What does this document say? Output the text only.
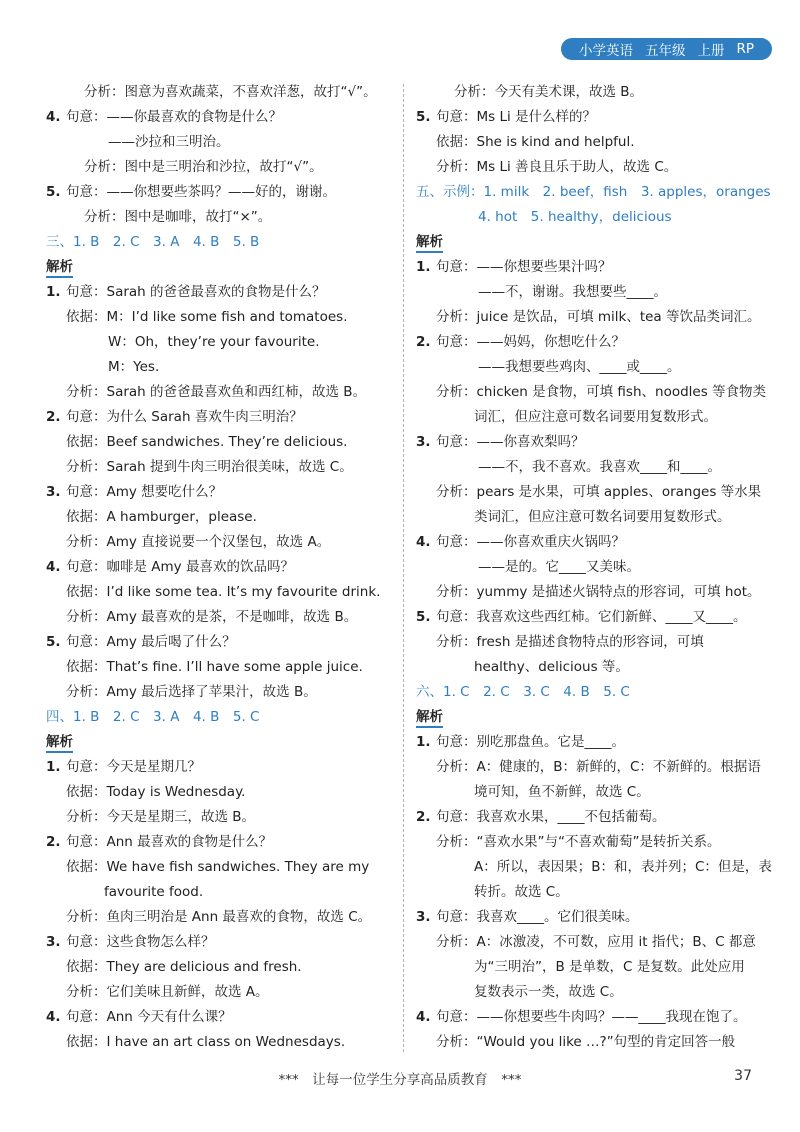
小学英语 五年级 上册 RP
分析：图意为喜欢蔬菜，不喜欢洋葱，故打“√”。
4. 句意：——你最喜欢的食物是什么？
——沙拉和三明治。
分析：图中是三明治和沙拉，故打“√”。
5. 句意：——你想要些茶吗？——好的，谢谢。
分析：图中是咖啡，故打“×”。
三、1. B　2. C　3. A　4. B　5. B
解析
1. 句意：Sarah 的爸爸最喜欢的食物是什么？
依据：M：I’d like some fish and tomatoes.
W：Oh，they’re your favourite.
M：Yes.
分析：Sarah 的爸爸最喜欢鱼和西红柿，故选 B。
2. 句意：为什么 Sarah 喜欢牛肉三明治？
依据：Beef sandwiches. They’re delicious.
分析：Sarah 提到牛肉三明治很美味，故选 C。
3. 句意：Amy 想要吃什么？
依据：A hamburger，please.
分析：Amy 直接说要一个汉堡包，故选 A。
4. 句意：咖啡是 Amy 最喜欢的饮品吗？
依据：I’d like some tea. It’s my favourite drink.
分析：Amy 最喜欢的是茶，不是咖啡，故选 B。
5. 句意：Amy 最后喝了什么？
依据：That’s fine. I’ll have some apple juice.
分析：Amy 最后选择了苹果汁，故选 B。
四、1. B　2. C　3. A　4. B　5. C
解析
1. 句意：今天是星期几？
依据：Today is Wednesday.
分析：今天是星期三，故选 B。
2. 句意：Ann 最喜欢的食物是什么？
依据：We have fish sandwiches. They are my
favourite food.
分析：鱼肉三明治是 Ann 最喜欢的食物，故选 C。
3. 句意：这些食物怎么样？
依据：They are delicious and fresh.
分析：它们美味且新鲜，故选 A。
4. 句意：Ann 今天有什么课？
依据：I have an art class on Wednesdays.
分析：今天有美术课，故选 B。
5. 句意：Ms Li 是什么样的？
依据：She is kind and helpful.
分析：Ms Li 善良且乐于助人，故选 C。
五、示例：1. milk　2. beef，fish　3. apples，oranges
4. hot　5. healthy，delicious
解析
1. 句意：——你想要些果汁吗？
——不，谢谢。我想要些____。
分析：juice 是饮品，可填 milk、tea 等饮品类词汇。
2. 句意：——妈妈，你想吃什么？
——我想要些鸡肉、____或____。
分析：chicken 是食物，可填 fish、noodles 等食物类
词汇，但应注意可数名词要用复数形式。
3. 句意：——你喜欢梨吗？
——不，我不喜欢。我喜欢____和____。
分析：pears 是水果，可填 apples、oranges 等水果
类词汇，但应注意可数名词要用复数形式。
4. 句意：——你喜欢重庆火锅吗？
——是的。它____又美味。
分析：yummy 是描述火锅特点的形容词，可填 hot。
5. 句意：我喜欢这些西红柿。它们新鲜、____又____。
分析：fresh 是描述食物特点的形容词，可填
healthy、delicious 等。
六、1. C　2. C　3. C　4. B　5. C
解析
1. 句意：别吃那盘鱼。它是____。
分析：A：健康的，B：新鲜的，C：不新鲜的。根据语
境可知，鱼不新鲜，故选 C。
2. 句意：我喜欢水果，____不包括葡萄。
分析：“喜欢水果”与“不喜欢葡萄”是转折关系。
A：所以，表因果；B：和，表并列；C：但是，表
转折。故选 C。
3. 句意：我喜欢____。它们很美味。
分析：A：冰激凌，不可数，应用 it 指代；B、C 都意
为“三明治”，B 是单数，C 是复数。此处应用
复数表示一类，故选 C。
4. 句意：——你想要些牛肉吗？——____我现在饱了。
分析：“Would you like …?”句型的肯定回答一般
***　让每一位学生分享高品质教育　***	37
